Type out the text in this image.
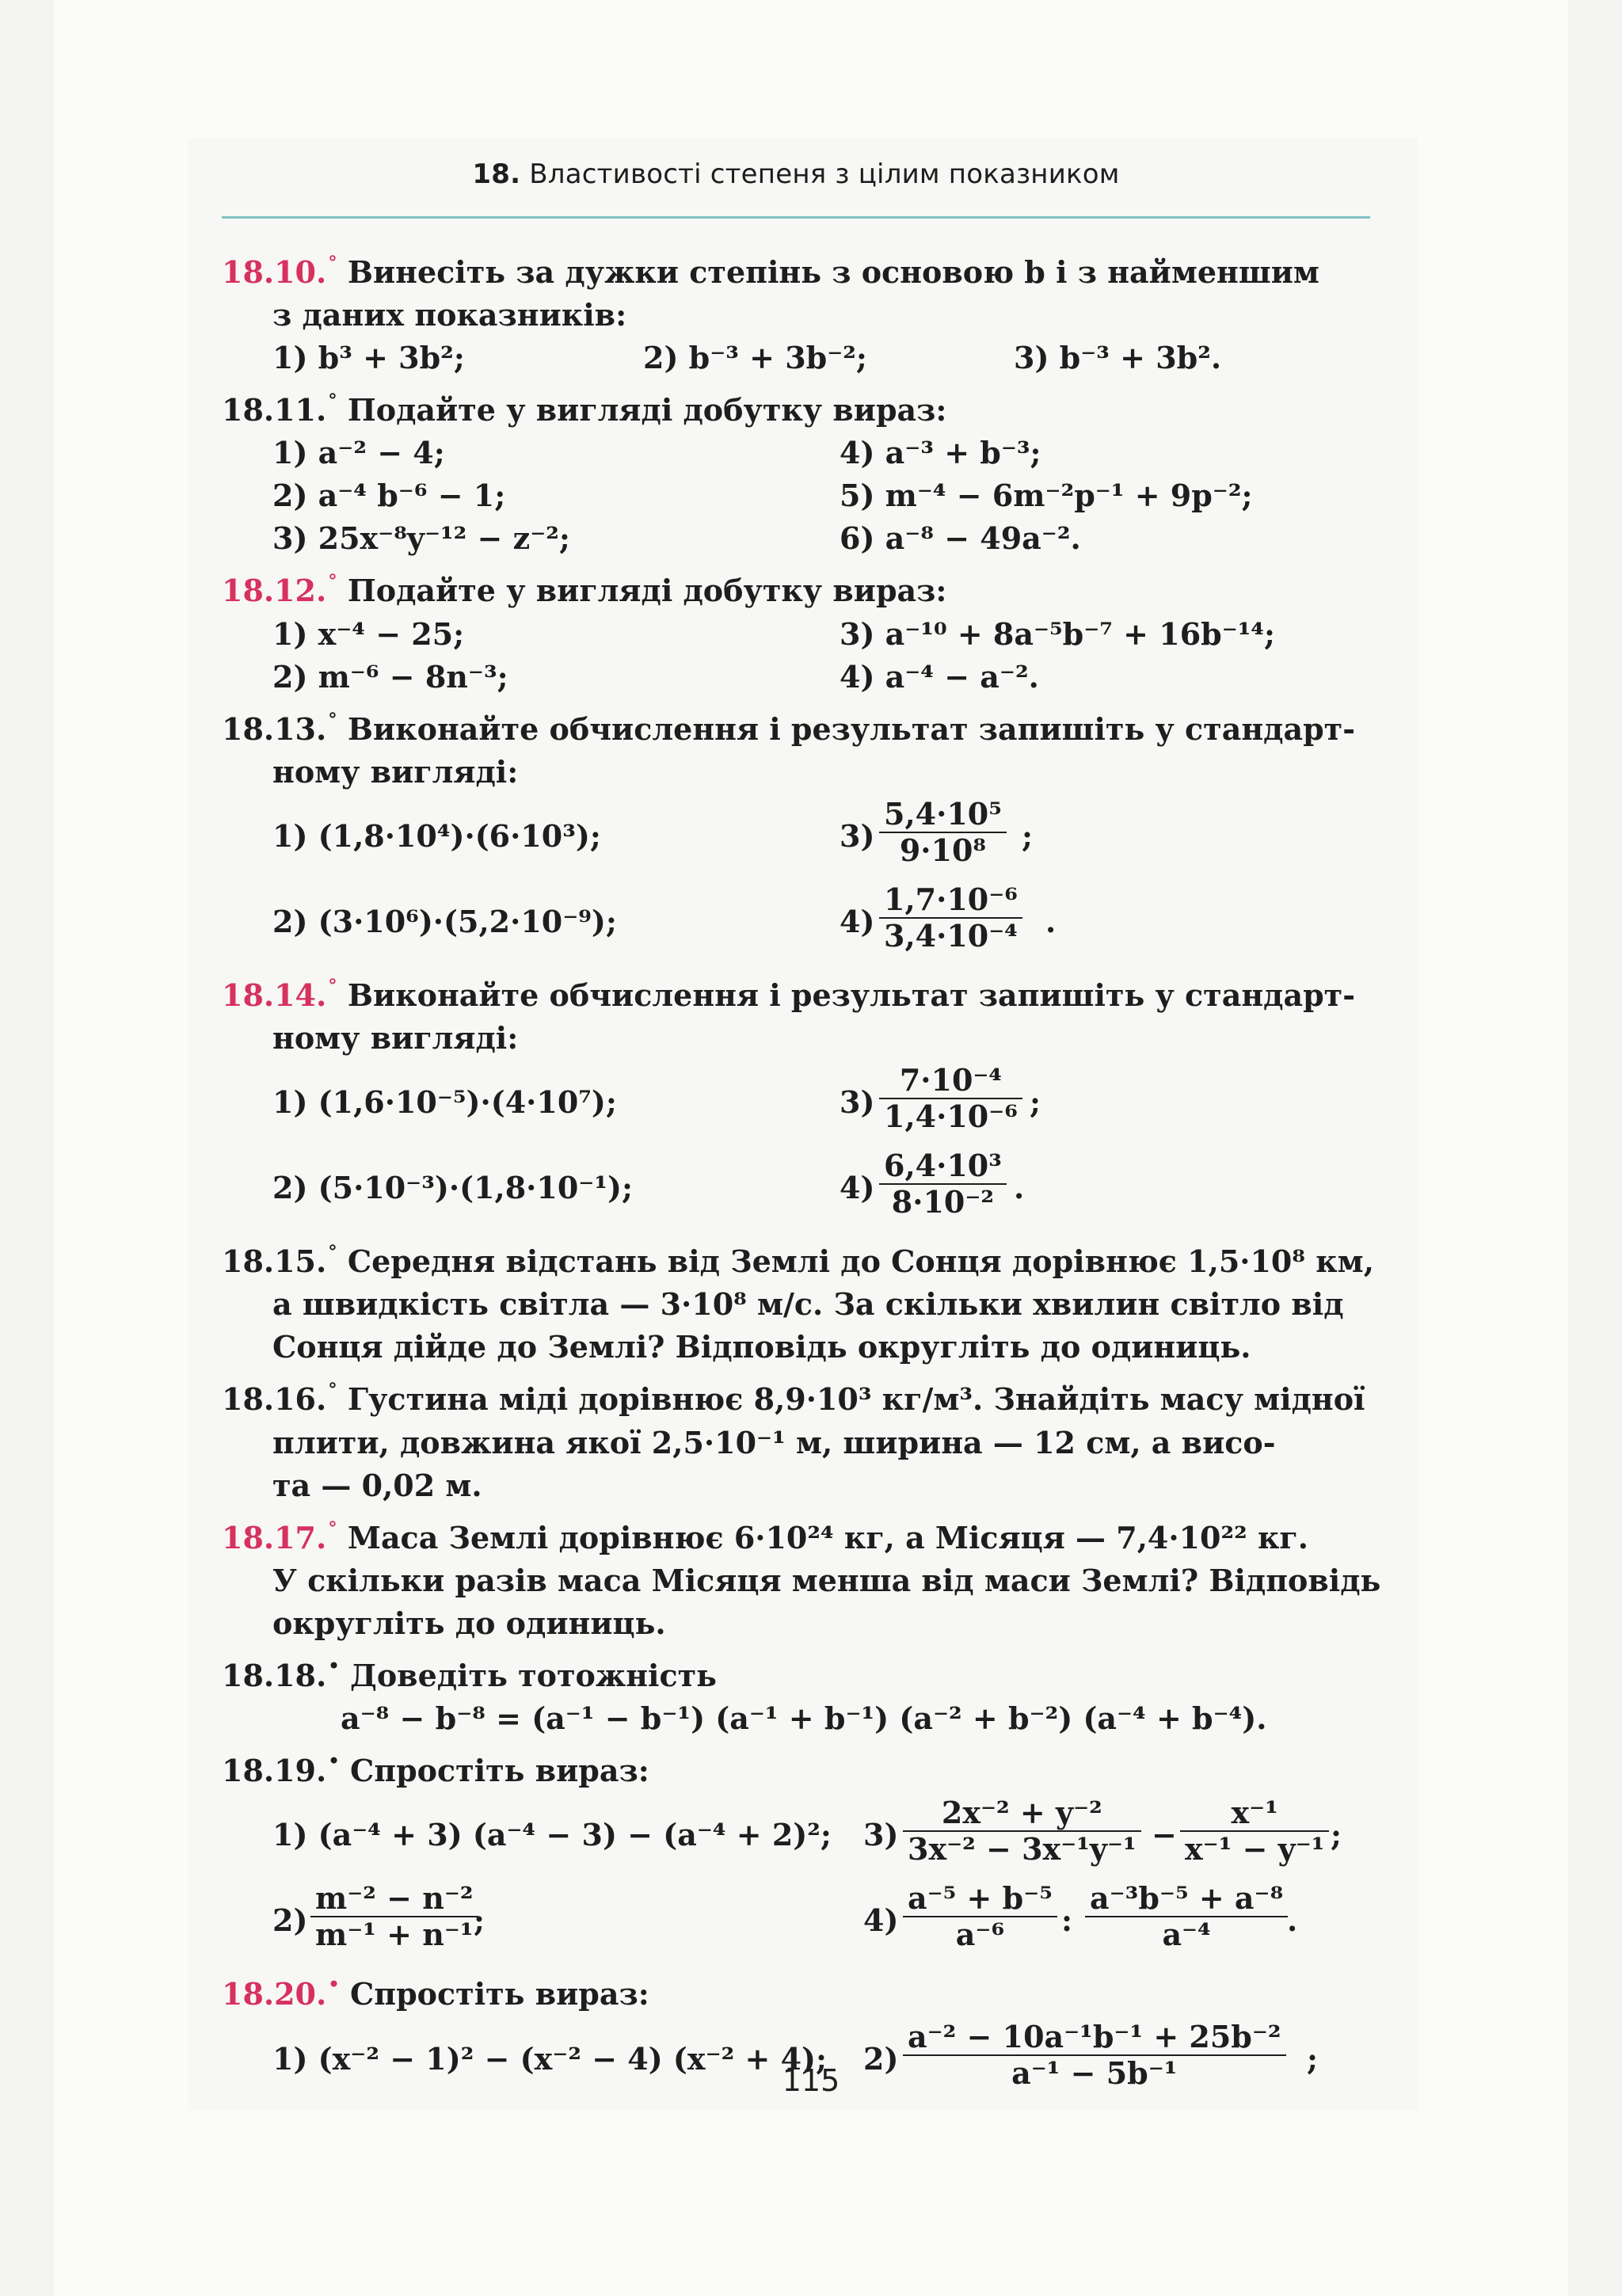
18. Властивості степеня з цілим показником
18.10.° Винесіть за дужки степінь з основою b і з найменшим
з даних показників:
1) b³ + 3b²;	2) b⁻³ + 3b⁻²;	3) b⁻³ + 3b².
18.11.° Подайте у вигляді добутку вираз:
1) a⁻² − 4;	4) a⁻³ + b⁻³;
2) a⁻⁴ b⁻⁶ − 1;	5) m⁻⁴ − 6m⁻²p⁻¹ + 9p⁻²;
3) 25x⁻⁸y⁻¹² − z⁻²;	6) a⁻⁸ − 49a⁻².
18.12.° Подайте у вигляді добутку вираз:
1) x⁻⁴ − 25;	3) a⁻¹⁰ + 8a⁻⁵b⁻⁷ + 16b⁻¹⁴;
2) m⁻⁶ − 8n⁻³;	4) a⁻⁴ − a⁻².
18.13.° Виконайте обчислення і результат запишіть у стандарт-
ному вигляді:
1) (1,8·10⁴)·(6·10³);	$3) \frac{\text{5,4·10⁵}}{\text{9·10⁸}}$ ;
2) (3·10⁶)·(5,2·10⁻⁹);	$4) \frac{\text{1,7·10⁻⁶}}{\text{3,4·10⁻⁴}}$ .
18.14.° Виконайте обчислення і результат запишіть у стандарт-
ному вигляді:
1) (1,6·10⁻⁵)·(4·10⁷);	$3) \frac{\text{7·10⁻⁴}}{\text{1,4·10⁻⁶}}$ ;
2) (5·10⁻³)·(1,8·10⁻¹);	$4) \frac{\text{6,4·10³}}{\text{8·10⁻²}}$ .
18.15.° Середня відстань від Землі до Сонця дорівнює 1,5·10⁸ км,
а швидкість світла — 3·10⁸ м/с. За скільки хвилин світло від
Сонця дійде до Землі? Відповідь округліть до одиниць.
18.16.° Густина міді дорівнює 8,9·10³ кг/м³. Знайдіть масу мідної
плити, довжина якої 2,5·10⁻¹ м, ширина — 12 см, а висо-
та — 0,02 м.
18.17.° Маса Землі дорівнює 6·10²⁴ кг, а Місяця — 7,4·10²² кг.
У скільки разів маса Місяця менша від маси Землі? Відповідь
округліть до одиниць.
18.18.• Доведіть тотожність
a⁻⁸ − b⁻⁸ = (a⁻¹ − b⁻¹) (a⁻¹ + b⁻¹) (a⁻² + b⁻²) (a⁻⁴ + b⁻⁴).
18.19.• Спростіть вираз:
1) (a⁻⁴ + 3) (a⁻⁴ − 3) − (a⁻⁴ + 2)²; $3) \frac{\text{2x⁻² + y⁻²}}{\text{3x⁻² − 3x⁻¹y⁻¹}} - \frac{\text{x⁻¹}}{\text{x⁻¹ − y⁻¹}}$ ;
$2) \frac{\text{m⁻² − n⁻²}}{\text{m⁻¹ + n⁻¹}}$
;	$4) \frac{\text{a⁻⁵ + b⁻⁵}}{\text{a⁻⁶}}$ : $\frac{\text{a⁻³b⁻⁵ + a⁻⁸}}{\text{a⁻⁴}}$
.
18.20.• Спростіть вираз:
1) (x⁻² − 1)² − (x⁻² − 4) (x⁻² + 4); $2) \frac{\text{a⁻² − 10a⁻¹b⁻¹ + 25b⁻²}}{\text{a⁻¹ − 5b⁻¹}}$ ;
115
